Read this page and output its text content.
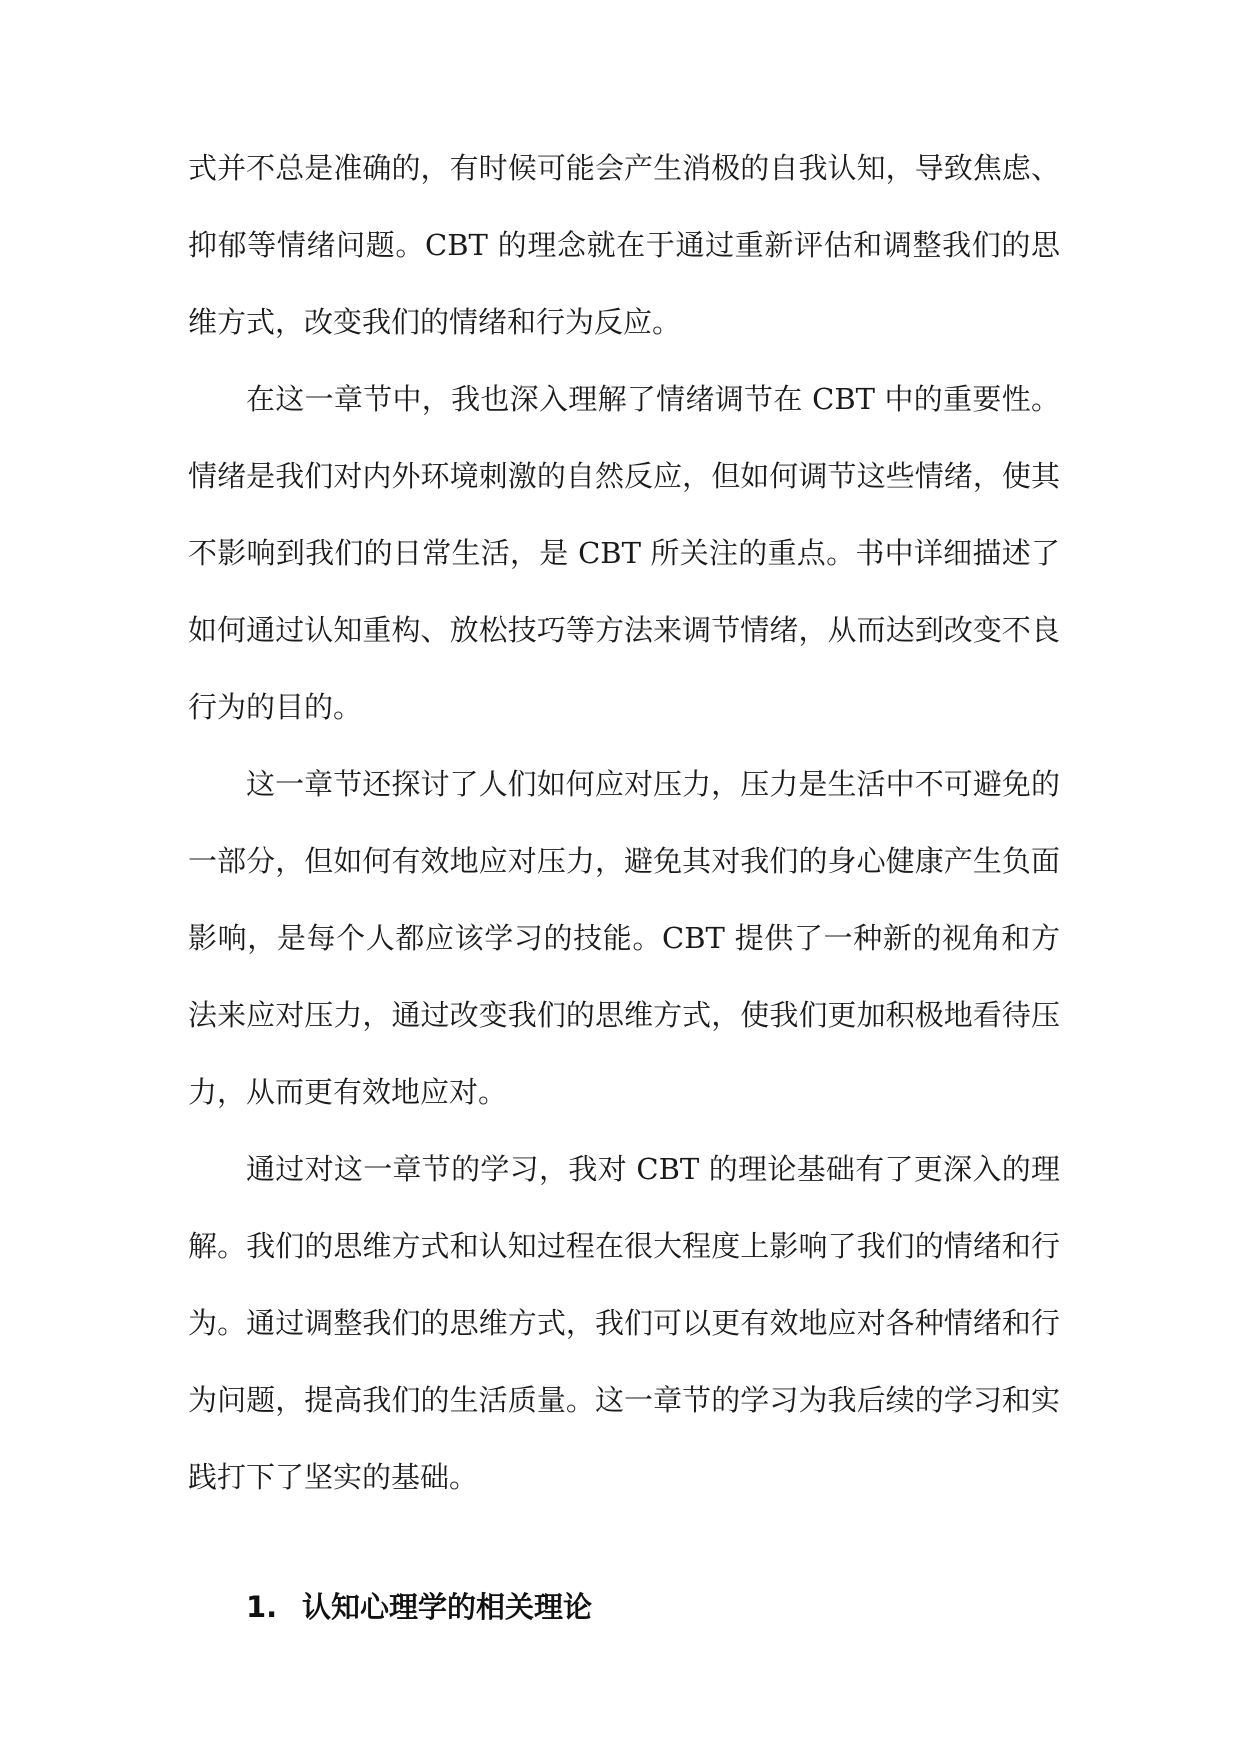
式并不总是准确的，有时候可能会产生消极的自我认知，导致焦虑、抑郁等情绪问题。CBT 的理念就在于通过重新评估和调整我们的思维方式，改变我们的情绪和行为反应。

在这一章节中，我也深入理解了情绪调节在 CBT 中的重要性。情绪是我们对内外环境刺激的自然反应，但如何调节这些情绪，使其不影响到我们的日常生活，是 CBT 所关注的重点。书中详细描述了如何通过认知重构、放松技巧等方法来调节情绪，从而达到改变不良行为的目的。

这一章节还探讨了人们如何应对压力，压力是生活中不可避免的一部分，但如何有效地应对压力，避免其对我们的身心健康产生负面影响，是每个人都应该学习的技能。CBT 提供了一种新的视角和方法来应对压力，通过改变我们的思维方式，使我们更加积极地看待压力，从而更有效地应对。

通过对这一章节的学习，我对 CBT 的理论基础有了更深入的理解。我们的思维方式和认知过程在很大程度上影响了我们的情绪和行为。通过调整我们的思维方式，我们可以更有效地应对各种情绪和行为问题，提高我们的生活质量。这一章节的学习为我后续的学习和实践打下了坚实的基础。

1. 认知心理学的相关理论
